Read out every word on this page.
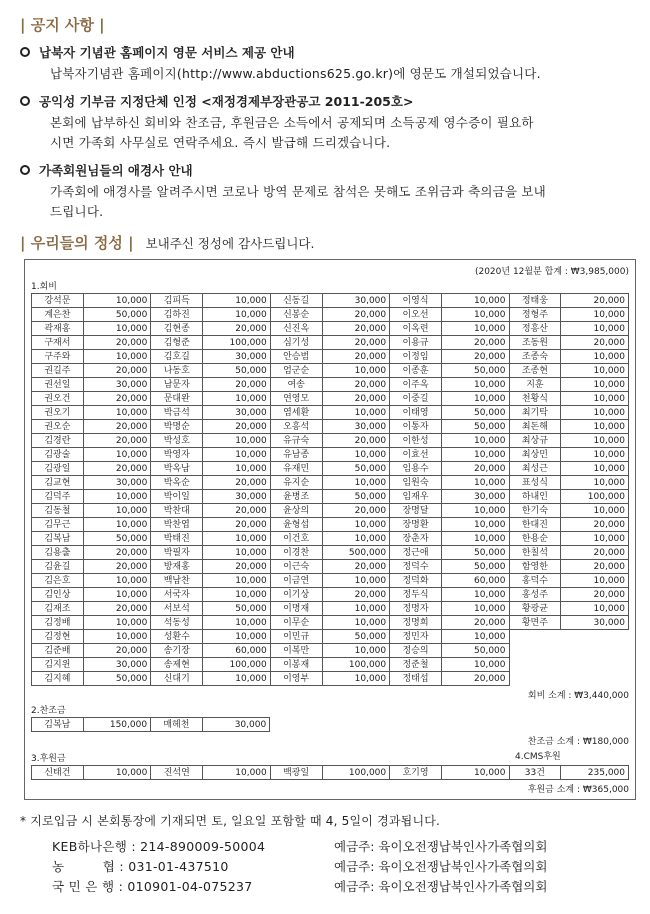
| 공지 사항 |
납북자 기념관 홈페이지 영문 서비스 제공 안내
납북자기념관 홈페이지(http://www.abductions625.go.kr)에 영문도 개설되었습니다.
공익성 기부금 지정단체 인정 <재정경제부장관공고 2011-205호>
본회에 납부하신 회비와 찬조금, 후원금은 소득에서 공제되며 소득공제 영수증이 필요하
시면 가족회 사무실로 연락주세요. 즉시 발급해 드리겠습니다.
가족회원님들의 애경사 안내
가족회에 애경사를 알려주시면 코로나 방역 문제로 참석은 못해도 조위금과 축의금을 보내
드립니다.
| 우리들의 정성 | 보내주신 정성에 감사드립니다.
(2020년 12월분 합계 : ₩3,985,000)
1.회비
강석문	10,000	김피득	10,000	신동길	30,000	이영식	10,000	정태웅	20,000
계은찬	50,000	김하진	10,000	신봉순	20,000	이오선	10,000	정형주	10,000
곽재홍	10,000	김현종	20,000	신진옥	20,000	이옥련	10,000	정흥산	10,000
구재서	20,000	김형준	100,000	심기성	20,000	이용규	20,000	조동원	20,000
구주와	10,000	김호길	30,000	안승범	20,000	이정임	20,000	조종숙	10,000
권길주	20,000	나동호	50,000	엄군순	10,000	이종훈	50,000	조종현	10,000
권선일	30,000	남문자	20,000	여송	20,000	이주옥	10,000	지훈	10,000
권오건	20,000	문대완	10,000	연영모	20,000	이중길	10,000	천황식	10,000
권오기	10,000	박금석	30,000	염세환	10,000	이태영	50,000	최기탁	10,000
권오순	20,000	박명순	20,000	오흥석	30,000	이통자	50,000	최돈해	10,000
김경란	20,000	박성호	10,000	유규숙	20,000	이한성	10,000	최상규	10,000
김광술	10,000	박영자	10,000	유남종	10,000	이효선	10,000	최상민	10,000
김광일	20,000	박옥남	10,000	유재민	50,000	임용수	20,000	최성근	10,000
김교현	30,000	박옥순	20,000	유지순	10,000	임원숙	10,000	표성식	10,000
김덕주	10,000	박이일	30,000	윤병조	50,000	임재우	30,000	하내인	100,000
김동철	10,000	박찬대	20,000	윤상의	20,000	장명달	10,000	한기숙	10,000
김무근	10,000	박찬엽	20,000	윤형섭	10,000	장명환	10,000	한대진	20,000
김복남	50,000	박태진	10,000	이건호	10,000	장춘자	10,000	한용순	10,000
김용출	20,000	박필자	10,000	이경찬	500,000	정근애	50,000	한칠석	20,000
김윤길	20,000	방재홍	20,000	이근숙	20,000	정덕수	50,000	함영한	20,000
김은호	10,000	백남찬	10,000	이금연	10,000	정덕화	60,000	홍덕수	10,000
김인상	10,000	서국자	10,000	이기상	20,000	정두식	10,000	홍성주	20,000
김재조	20,000	서보석	50,000	이명재	10,000	정명자	10,000	황광균	10,000
김정배	10,000	석동성	10,000	이무순	10,000	정명희	20,000	황면주	30,000
김정현	10,000	성환수	10,000	이민규	50,000	정민자	10,000		
김준배	20,000	송기장	60,000	이복만	10,000	정승의	50,000		
김지윈	30,000	송제현	100,000	이봉재	100,000	정준철	10,000		
김지혜	50,000	신대기	10,000	이영부	10,000	정태섭	20,000		
회비 소계 : ₩3,440,000
2.찬조금
김복남	150,000	매헤천	30,000
찬조금 소계 : ₩180,000
3.후원금	4.CMS후원
신태건	10,000	진석연	10,000	백광일	100,000	호기영	10,000	33건	235,000
후원금 소계 : ₩365,000
* 지로입금 시 본회통장에 기재되면 토, 일요일 포함할 때 4, 5일이 경과됩니다.
KEB하나은행 : 214-890009-50004	예금주: 육이오전쟁납북인사가족협의회
농　　　협 : 031-01-437510	예금주: 육이오전쟁납북인사가족협의회
국 민 은 행 : 010901-04-075237	예금주: 육이오전쟁납북인사가족협의회
